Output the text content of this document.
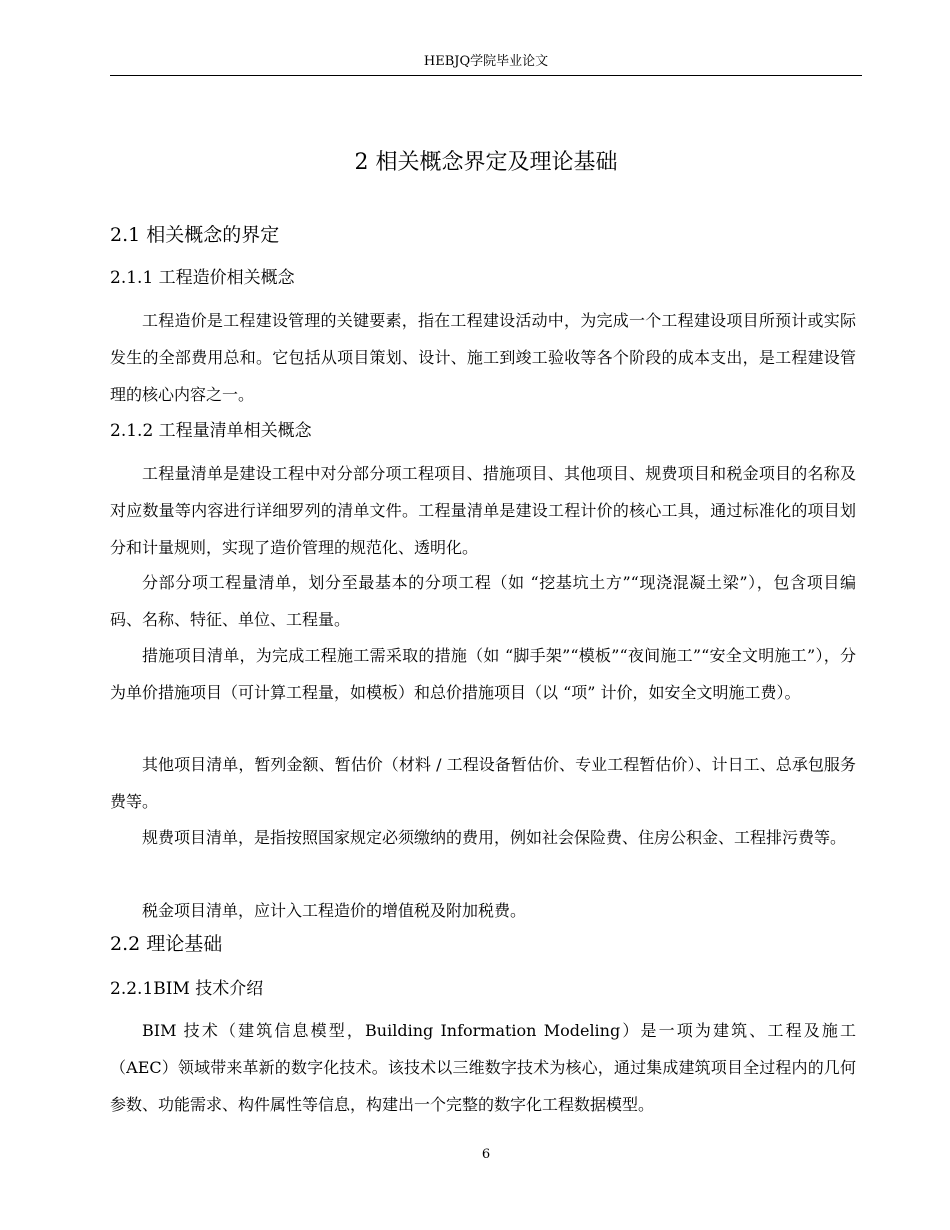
HEBJQ学院毕业论文
2 相关概念界定及理论基础
2.1 相关概念的界定
2.1.1 工程造价相关概念

工程造价是工程建设管理的关键要素，指在工程建设活动中，为完成一个工程建设项目所预计或实际发生的全部费用总和。它包括从项目策划、设计、施工到竣工验收等各个阶段的成本支出，是工程建设管理的核心内容之一。

2.1.2 工程量清单相关概念

工程量清单是建设工程中对分部分项工程项目、措施项目、其他项目、规费项目和税金项目的名称及对应数量等内容进行详细罗列的清单文件。工程量清单是建设工程计价的核心工具，通过标准化的项目划分和计量规则，实现了造价管理的规范化、透明化。

分部分项工程量清单，划分至最基本的分项工程（如 “挖基坑土方”“现浇混凝土梁”），包含项目编码、名称、特征、单位、工程量。

措施项目清单，为完成工程施工需采取的措施（如 “脚手架”“模板”“夜间施工”“安全文明施工”），分为单价措施项目（可计算工程量，如模板）和总价措施项目（以 “项” 计价，如安全文明施工费）。

其他项目清单，暂列金额、暂估价（材料 / 工程设备暂估价、专业工程暂估价）、计日工、总承包服务费等。

规费项目清单，是指按照国家规定必须缴纳的费用，例如社会保险费、住房公积金、工程排污费等。

税金项目清单，应计入工程造价的增值税及附加税费。

2.2 理论基础
2.2.1BIM 技术介绍

BIM 技术（建筑信息模型，Building Information Modeling）是一项为建筑、工程及施工（AEC）领域带来革新的数字化技术。该技术以三维数字技术为核心，通过集成建筑项目全过程内的几何参数、功能需求、构件属性等信息，构建出一个完整的数字化工程数据模型。

6
